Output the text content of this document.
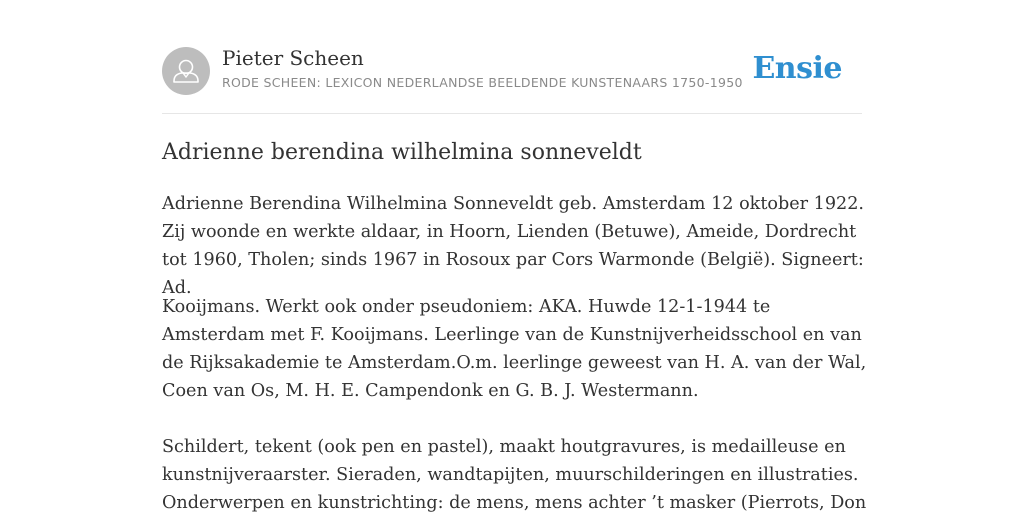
Pieter Scheen
RODE SCHEEN: LEXICON NEDERLANDSE BEELDENDE KUNSTENAARS 1750-1950 Ensie
Adrienne berendina wilhelmina sonneveldt

Adrienne Berendina Wilhelmina Sonneveldt geb. Amsterdam 12 oktober 1922. Zij woonde en werkte aldaar, in Hoorn, Lienden (Betuwe), Ameide, Dordrecht tot 1960, Tholen; sinds 1967 in Rosoux par Cors Warmonde (België). Signeert: Ad.

Kooijmans. Werkt ook onder pseudoniem: AKA. Huwde 12-1-1944 te Amsterdam met F. Kooijmans. Leerlinge van de Kunstnijverheidsschool en van de Rijksakademie te Amsterdam.O.m. leerlinge geweest van H. A. van der Wal, Coen van Os, M. H. E. Campendonk en G. B. J. Westermann.

Schildert, tekent (ook pen en pastel), maakt houtgravures, is medailleuse en kunstnijveraarster. Sieraden, wandtapijten, muurschilderingen en illustraties. Onderwerpen en kunstrichting: de mens, mens achter ’t masker (Pierrots, Don
